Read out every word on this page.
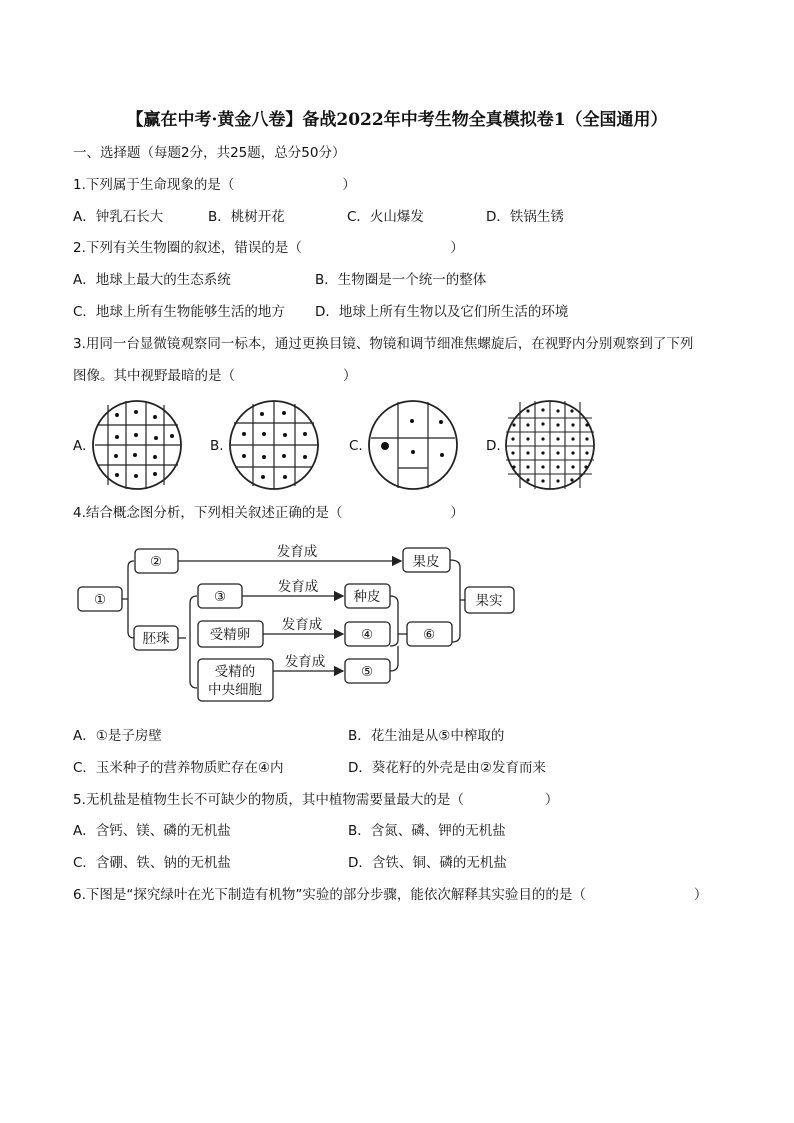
【赢在中考·黄金八卷】备战2022年中考生物全真模拟卷1（全国通用）
一、选择题（每题2分，共25题，总分50分）
1.下列属于生命现象的是（　　　　　　　　）
A．钟乳石长大	B．桃树开花	C．火山爆发	D．铁锅生锈
2.下列有关生物圈的叙述，错误的是（　　　　　　　　　　　）
A．地球上最大的生态系统	B．生物圈是一个统一的整体
C．地球上所有生物能够生活的地方 D．地球上所有生物以及它们所生活的环境
3.用同一台显微镜观察同一标本，通过更换目镜、物镜和调节细准焦螺旋后，在视野内分别观察到了下列
图像。其中视野最暗的是（　　　　　　　　）
A.	B.	C.	D.
①
②
胚珠
③
受精卵
受精的
中央细胞
果皮
种皮
④
⑤
⑥
果实
发育成
发育成
发育成
发育成
4.结合概念图分析，下列相关叙述正确的是（　　　　　　　　）
A．①是子房壁	B．花生油是从⑤中榨取的
C．玉米种子的营养物质贮存在④内	D．葵花籽的外壳是由②发育而来
5.无机盐是植物生长不可缺少的物质，其中植物需要量最大的是（　　　　　　）
A．含钙、镁、磷的无机盐	B．含氮、磷、钾的无机盐
C．含硼、铁、钠的无机盐	D．含铁、铜、磷的无机盐
6.下图是“探究绿叶在光下制造有机物”实验的部分步骤，能依次解释其实验目的的是（　　　　　　　　）
